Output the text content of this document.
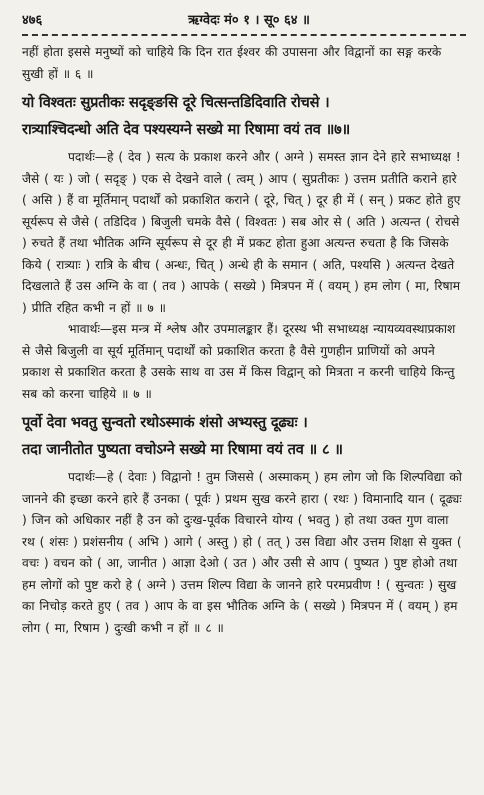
४७६	ऋग्वेदः मं० १ । सू० ६४ ॥

नहीं होता इससे मनुष्यों को चाहिये कि दिन रात ईश्वर की उपासना और विद्वानों का सङ्ग करके सुखी हों ॥ ६ ॥

यो विश्वतः सुप्रतीकः सदृङ्ङसि दूरे चित्सन्तडिदिवाति रोचसे ।

रात्र्याश्चिदन्धो अति देव पश्यस्यग्ने सख्ये मा रिषामा वयं तव ॥७॥

पदार्थः—हे ( देव ) सत्य के प्रकाश करने और ( अग्ने ) समस्त ज्ञान देने हारे सभाध्यक्ष ! जैसे ( यः ) जो ( सदृङ् ) एक से देखने वाले ( त्वम् ) आप ( सुप्रतीकः ) उत्तम प्रतीति कराने हारे ( असि ) हैं वा मूर्तिमान् पदार्थों को प्रकाशित कराने ( दूरे, चित् ) दूर ही में ( सन् ) प्रकट होते हुए सूर्यरूप से जैसे ( तडिदिव ) बिजुली चमके वैसे ( विश्वतः ) सब ओर से ( अति ) अत्यन्त ( रोचसे ) रुचते हैं तथा भौतिक अग्नि सूर्यरूप से दूर ही में प्रकट होता हुआ अत्यन्त रुचता है कि जिसके किये ( रात्र्याः ) रात्रि के बीच ( अन्धः, चित् ) अन्धे ही के समान ( अति, पश्यसि ) अत्यन्त देखते दिखलाते हैं उस अग्नि के वा ( तव ) आपके ( सख्ये ) मित्रपन में ( वयम् ) हम लोग ( मा, रिषाम ) प्रीति रहित कभी न हों ॥ ७ ॥

भावार्थः—इस मन्त्र में श्लेष और उपमालङ्कार हैं। दूरस्थ भी सभाध्यक्ष न्यायव्यवस्थाप्रकाश से जैसे बिजुली वा सूर्य मूर्तिमान् पदार्थों को प्रकाशित करता है वैसे गुणहीन प्राणियों को अपने प्रकाश से प्रकाशित करता है उसके साथ वा उस में किस विद्वान् को मित्रता न करनी चाहिये किन्तु सब को करना चाहिये ॥ ७ ॥

पूर्वो देवा भवतु सुन्वतो रथोऽस्माकं शंसो अभ्यस्तु दूढ्यः ।

तदा जानीतोत पुष्यता वचोऽग्ने सख्ये मा रिषामा वयं तव ॥ ८ ॥

पदार्थः—हे ( देवाः ) विद्वानो ! तुम जिससे ( अस्माकम् ) हम लोग जो कि शिल्पविद्या को जानने की इच्छा करने हारे हैं उनका ( पूर्वः ) प्रथम सुख करने हारा ( रथः ) विमानादि यान ( दूढ्यः ) जिन को अधिकार नहीं है उन को दुःख-पूर्वक विचारने योग्य ( भवतु ) हो तथा उक्त गुण वाला रथ ( शंसः ) प्रशंसनीय ( अभि ) आगे ( अस्तु ) हो ( तत् ) उस विद्या और उत्तम शिक्षा से युक्त ( वचः ) वचन को ( आ, जानीत ) आज्ञा देओ ( उत ) और उसी से आप ( पुष्यत ) पुष्ट होओ तथा हम लोगों को पुष्ट करो हे ( अग्ने ) उत्तम शिल्प विद्या के जानने हारे परमप्रवीण ! ( सुन्वतः ) सुख का निचोड़ करते हुए ( तव ) आप के वा इस भौतिक अग्नि के ( सख्ये ) मित्रपन में ( वयम् ) हम लोग ( मा, रिषाम ) दुःखी कभी न हों ॥ ८ ॥
